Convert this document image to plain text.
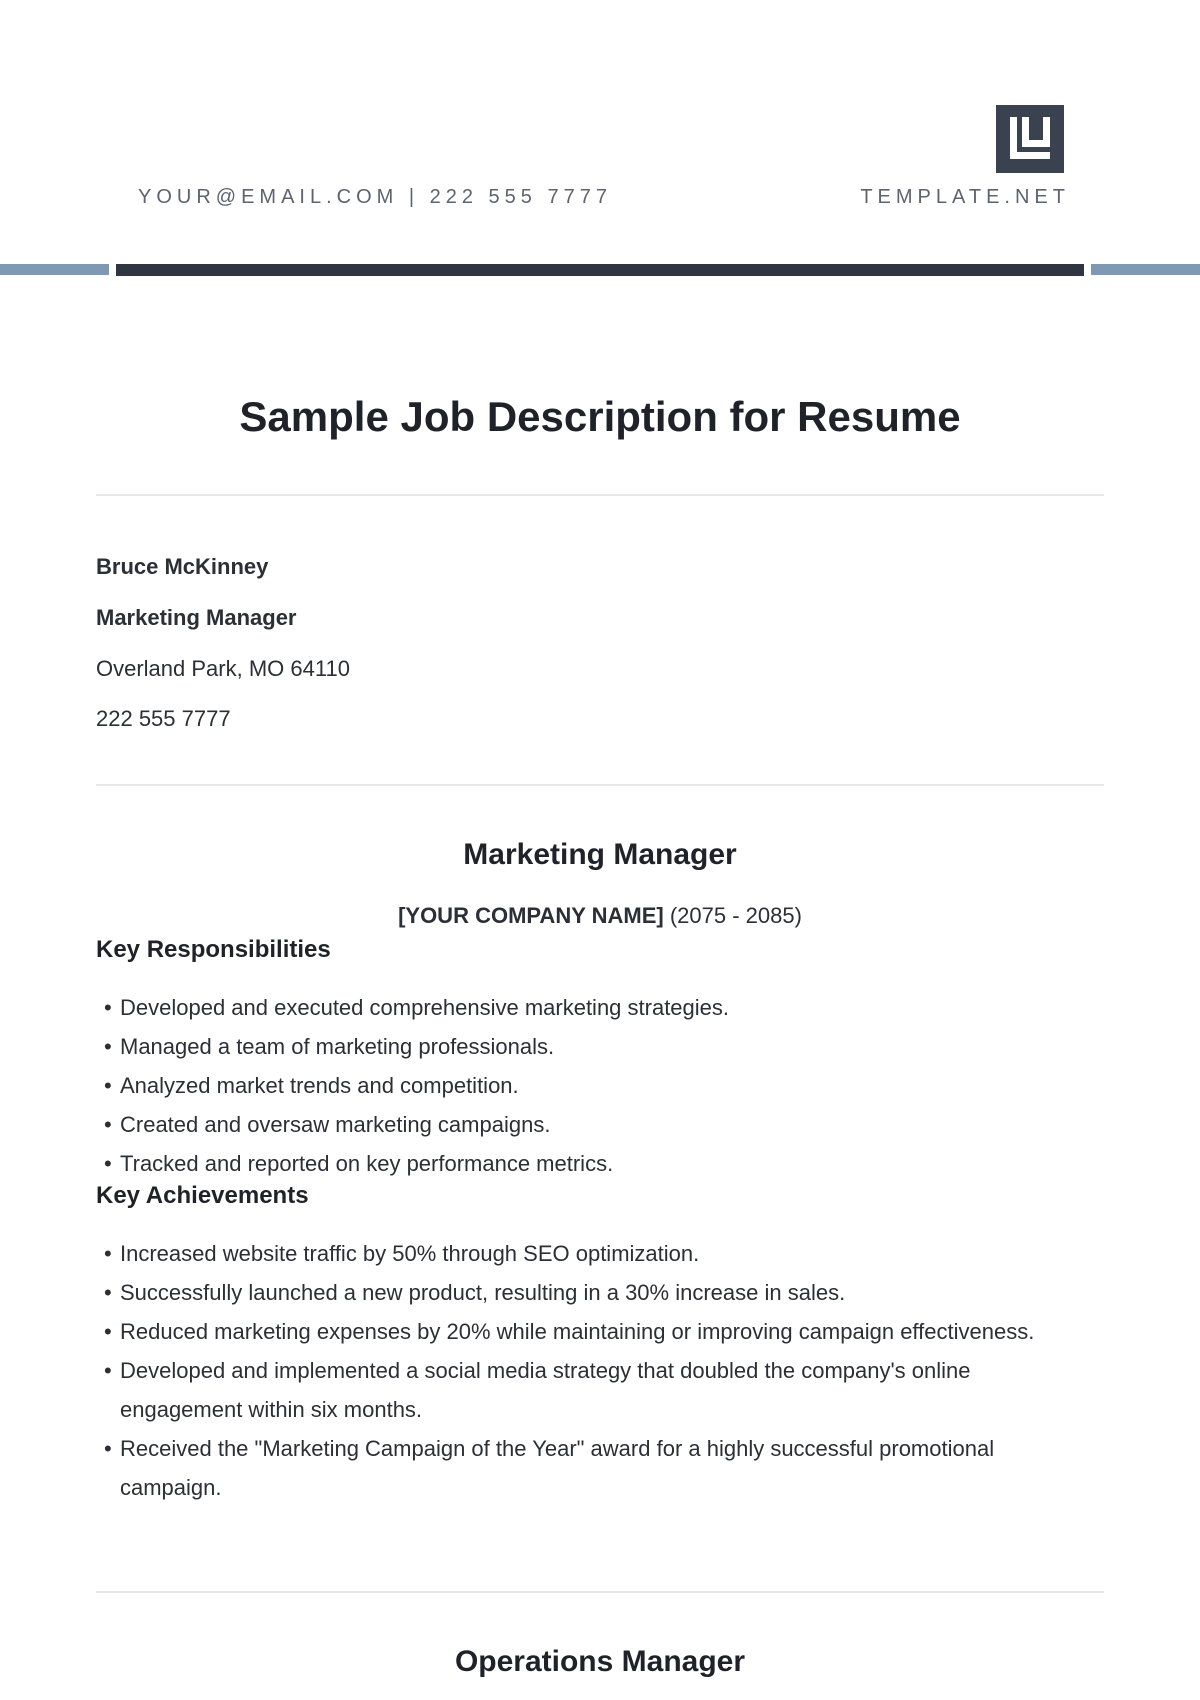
YOUR@EMAIL.COM | 222 555 7777	TEMPLATE.NET
Sample Job Description for Resume
Bruce McKinney
Marketing Manager
Overland Park, MO 64110
222 555 7777
Marketing Manager
[YOUR COMPANY NAME] (2075 - 2085)
Key Responsibilities
• Developed and executed comprehensive marketing strategies.
• Managed a team of marketing professionals.
• Analyzed market trends and competition.
• Created and oversaw marketing campaigns.
• Tracked and reported on key performance metrics.
Key Achievements
• Increased website traffic by 50% through SEO optimization.
• Successfully launched a new product, resulting in a 30% increase in sales.
• Reduced marketing expenses by 20% while maintaining or improving campaign effectiveness.
• Developed and implemented a social media strategy that doubled the company's online engagement within six months.
• Received the "Marketing Campaign of the Year" award for a highly successful promotional campaign.
Operations Manager
